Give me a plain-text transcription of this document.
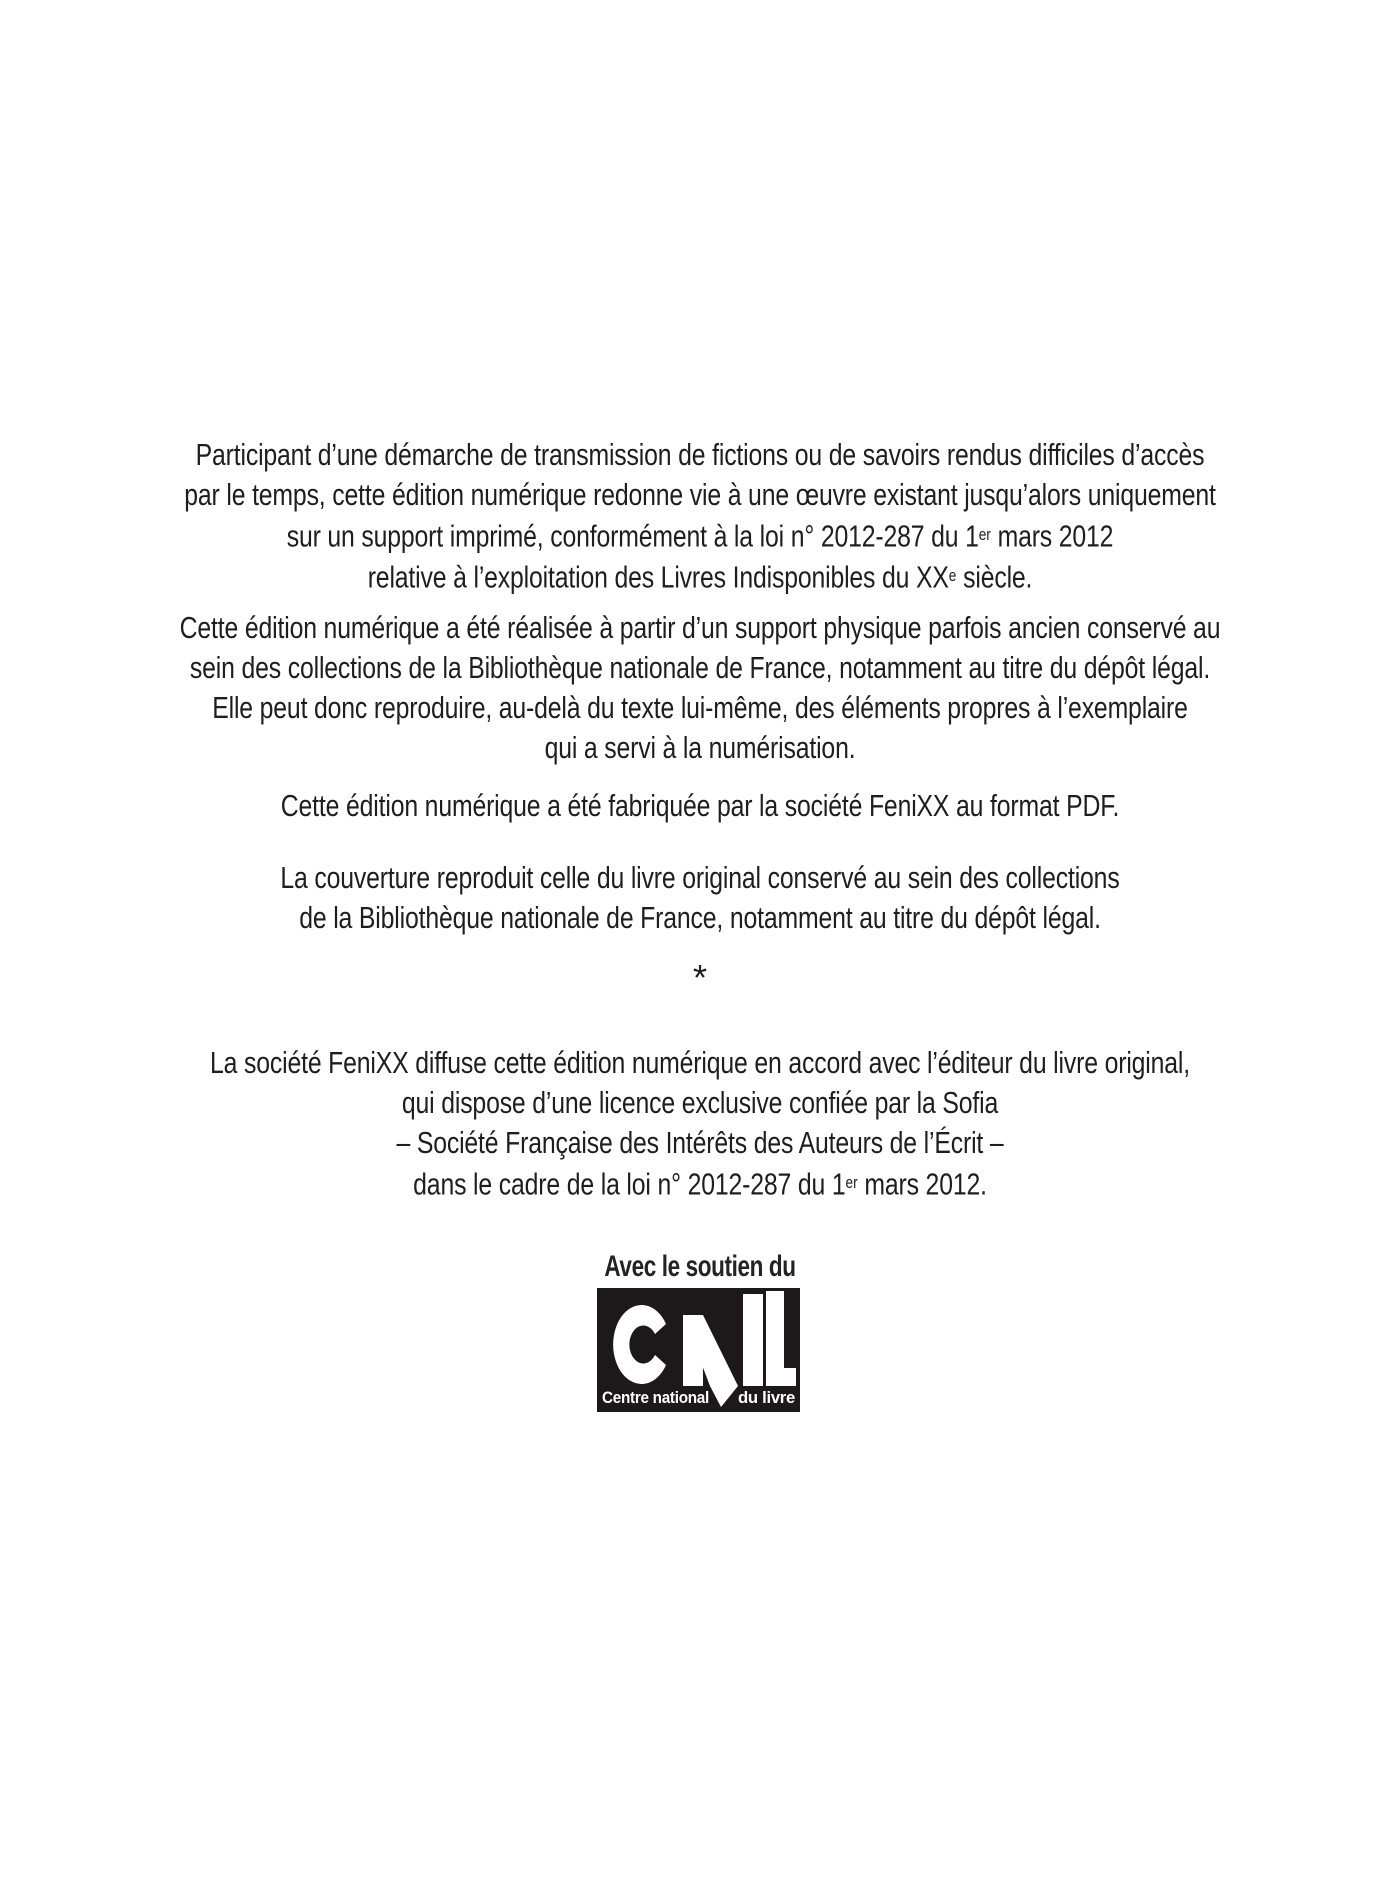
Participant d’une démarche de transmission de fictions ou de savoirs rendus difficiles d’accès
par le temps, cette édition numérique redonne vie à une œuvre existant jusqu’alors uniquement
sur un support imprimé, conformément à la loi n° 2012-287 du 1er mars 2012
relative à l’exploitation des Livres Indisponibles du XXe siècle.

Cette édition numérique a été réalisée à partir d’un support physique parfois ancien conservé au
sein des collections de la Bibliothèque nationale de France, notamment au titre du dépôt légal.
Elle peut donc reproduire, au-delà du texte lui-même, des éléments propres à l’exemplaire
qui a servi à la numérisation.

Cette édition numérique a été fabriquée par la société FeniXX au format PDF.

La couverture reproduit celle du livre original conservé au sein des collections
de la Bibliothèque nationale de France, notamment au titre du dépôt légal.

*

La société FeniXX diffuse cette édition numérique en accord avec l’éditeur du livre original,
qui dispose d’une licence exclusive confiée par la Sofia
– Société Française des Intérêts des Auteurs de l’Écrit –
dans le cadre de la loi n° 2012-287 du 1er mars 2012.

Avec le soutien du

Centre national du livre
